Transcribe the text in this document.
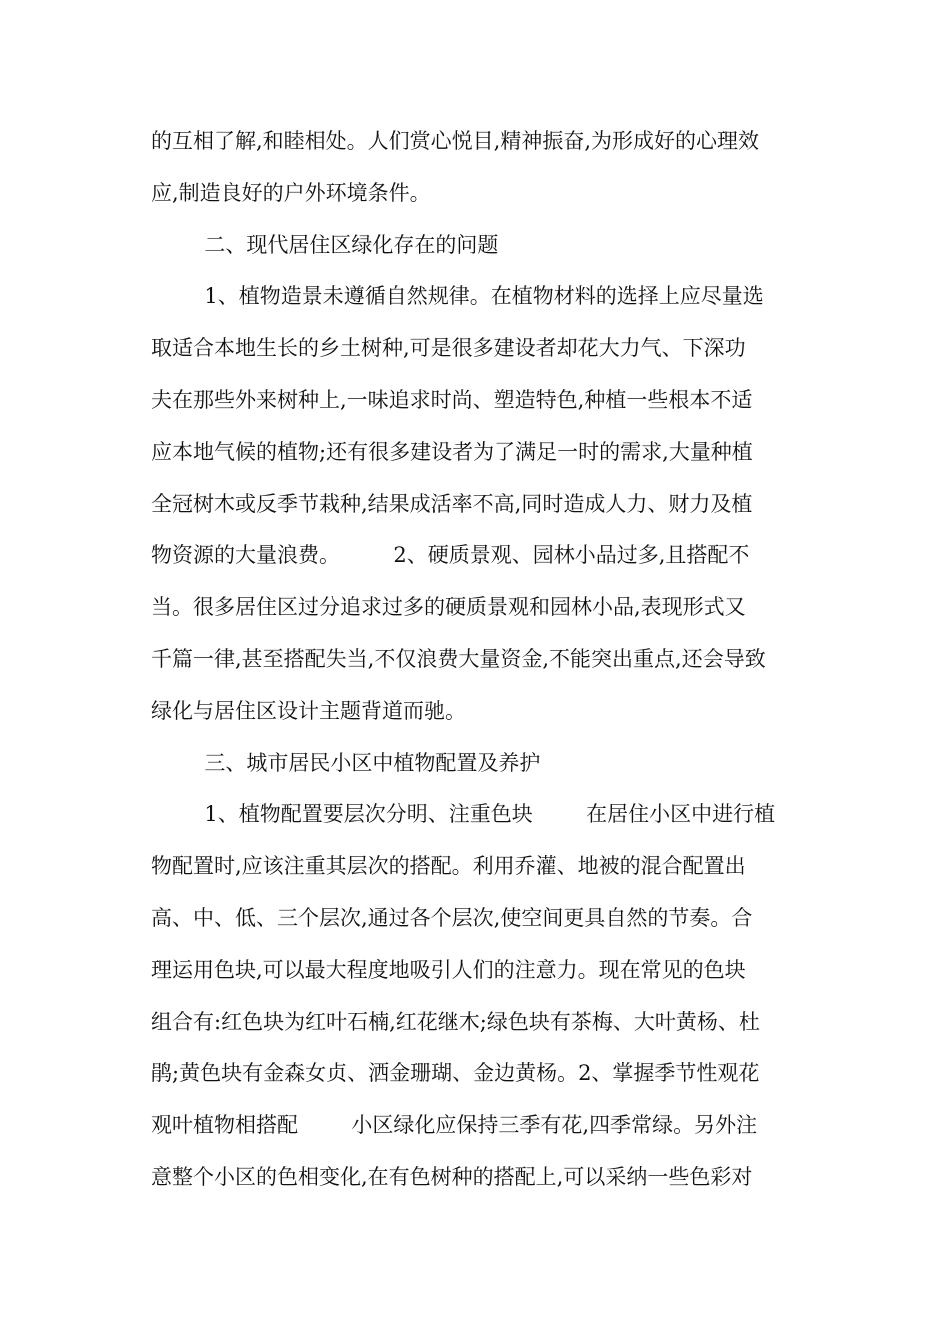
的互相了解,和睦相处。人们赏心悦目,精神振奋,为形成好的心理效
应,制造良好的户外环境条件。
二、现代居住区绿化存在的问题
1、植物造景未遵循自然规律。在植物材料的选择上应尽量选
取适合本地生长的乡土树种,可是很多建设者却花大力气、下深功
夫在那些外来树种上,一味追求时尚、塑造特色,种植一些根本不适
应本地气候的植物;还有很多建设者为了满足一时的需求,大量种植
全冠树木或反季节栽种,结果成活率不高,同时造成人力、财力及植
物资源的大量浪费。        2、硬质景观、园林小品过多,且搭配不
当。很多居住区过分追求过多的硬质景观和园林小品,表现形式又
千篇一律,甚至搭配失当,不仅浪费大量资金,不能突出重点,还会导致
绿化与居住区设计主题背道而驰。
三、城市居民小区中植物配置及养护
1、植物配置要层次分明、注重色块        在居住小区中进行植
物配置时,应该注重其层次的搭配。利用乔灌、地被的混合配置出
高、中、低、三个层次,通过各个层次,使空间更具自然的节奏。合
理运用色块,可以最大程度地吸引人们的注意力。现在常见的色块
组合有:红色块为红叶石楠,红花继木;绿色块有茶梅、大叶黄杨、杜
鹃;黄色块有金森女贞、洒金珊瑚、金边黄杨。2、掌握季节性观花
观叶植物相搭配        小区绿化应保持三季有花,四季常绿。另外注
意整个小区的色相变化,在有色树种的搭配上,可以采纳一些色彩对
